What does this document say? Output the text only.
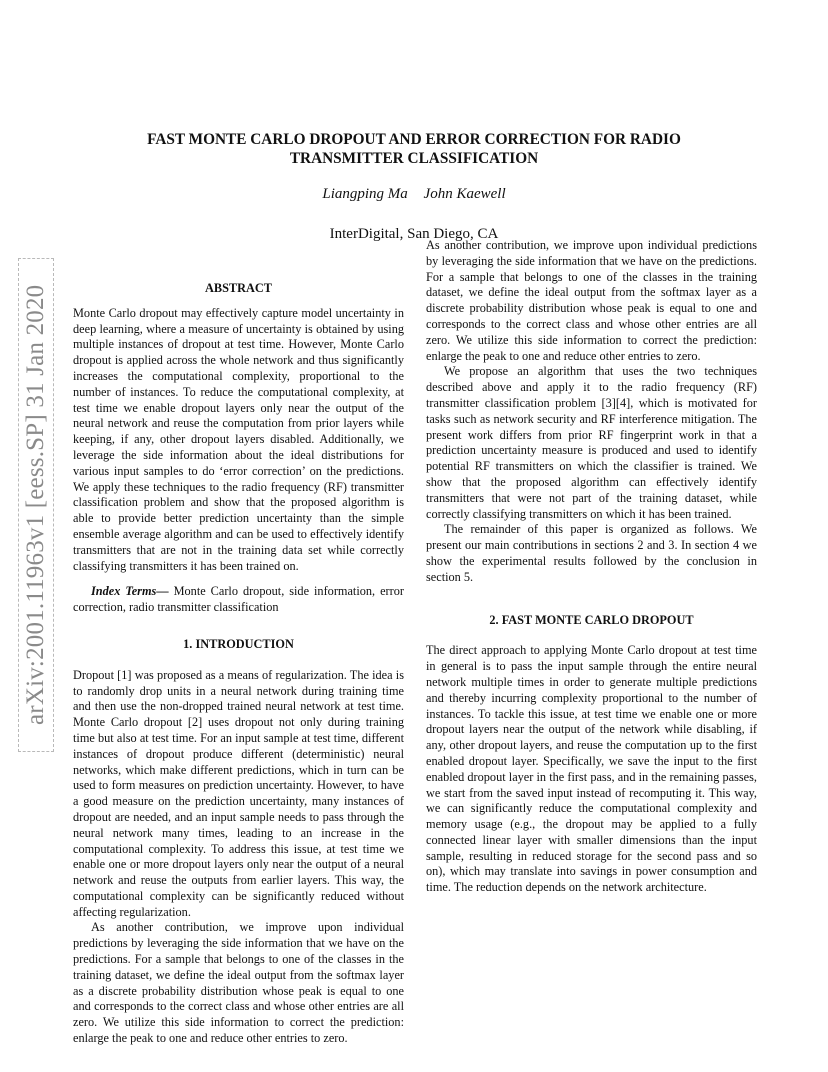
arXiv:2001.11963v1 [eess.SP] 31 Jan 2020
FAST MONTE CARLO DROPOUT AND ERROR CORRECTION FOR RADIO TRANSMITTER CLASSIFICATION
Liangping Ma John Kaewell
InterDigital, San Diego, CA
ABSTRACT

Monte Carlo dropout may effectively capture model uncertainty in deep learning, where a measure of uncertainty is obtained by using multiple instances of dropout at test time. However, Monte Carlo dropout is applied across the whole network and thus significantly increases the computational complexity, proportional to the number of instances. To reduce the computational complexity, at test time we enable dropout layers only near the output of the neural network and reuse the computation from prior layers while keeping, if any, other dropout layers disabled. Additionally, we leverage the side information about the ideal distributions for various input samples to do ‘error correction’ on the predictions. We apply these techniques to the radio frequency (RF) transmitter classification problem and show that the proposed algorithm is able to provide better prediction uncertainty than the simple ensemble average algorithm and can be used to effectively identify transmitters that are not in the training data set while correctly classifying transmitters it has been trained on.

Index Terms— Monte Carlo dropout, side information, error correction, radio transmitter classification

1. INTRODUCTION

Dropout [1] was proposed as a means of regularization. The idea is to randomly drop units in a neural network during training time and then use the non-dropped trained neural network at test time. Monte Carlo dropout [2] uses dropout not only during training time but also at test time. For an input sample at test time, different instances of dropout produce different (deterministic) neural networks, which make different predictions, which in turn can be used to form measures on prediction uncertainty. However, to have a good measure on the prediction uncertainty, many instances of dropout are needed, and an input sample needs to pass through the neural network many times, leading to an increase in the computational complexity. To address this issue, at test time we enable one or more dropout layers only near the output of a neural network and reuse the outputs from earlier layers. This way, the computational complexity can be significantly reduced without affecting regularization.

As another contribution, we improve upon individual predictions by leveraging the side information that we have on the predictions. For a sample that belongs to one of the classes in the training dataset, we define the ideal output from the softmax layer as a discrete probability distribution whose peak is equal to one and corresponds to the correct class and whose other entries are all zero. We utilize this side information to correct the prediction: enlarge the peak to one and reduce other entries to zero.

As another contribution, we improve upon individual predictions by leveraging the side information that we have on the predictions. For a sample that belongs to one of the classes in the training dataset, we define the ideal output from the softmax layer as a discrete probability distribution whose peak is equal to one and corresponds to the correct class and whose other entries are all zero. We utilize this side information to correct the prediction: enlarge the peak to one and reduce other entries to zero.

We propose an algorithm that uses the two techniques described above and apply it to the radio frequency (RF) transmitter classification problem [3][4], which is motivated for tasks such as network security and RF interference mitigation. The present work differs from prior RF fingerprint work in that a prediction uncertainty measure is produced and used to identify potential RF transmitters on which the classifier is trained. We show that the proposed algorithm can effectively identify transmitters that were not part of the training dataset, while correctly classifying transmitters on which it has been trained.

The remainder of this paper is organized as follows. We present our main contributions in sections 2 and 3. In section 4 we show the experimental results followed by the conclusion in section 5.

2. FAST MONTE CARLO DROPOUT

The direct approach to applying Monte Carlo dropout at test time in general is to pass the input sample through the entire neural network multiple times in order to generate multiple predictions and thereby incurring complexity proportional to the number of instances. To tackle this issue, at test time we enable one or more dropout layers near the output of the network while disabling, if any, other dropout layers, and reuse the computation up to the first enabled dropout layer. Specifically, we save the input to the first enabled dropout layer in the first pass, and in the remaining passes, we start from the saved input instead of recomputing it. This way, we can significantly reduce the computational complexity and memory usage (e.g., the dropout may be applied to a fully connected linear layer with smaller dimensions than the input sample, resulting in reduced storage for the second pass and so on), which may translate into savings in power consumption and time. The reduction depends on the network architecture.
